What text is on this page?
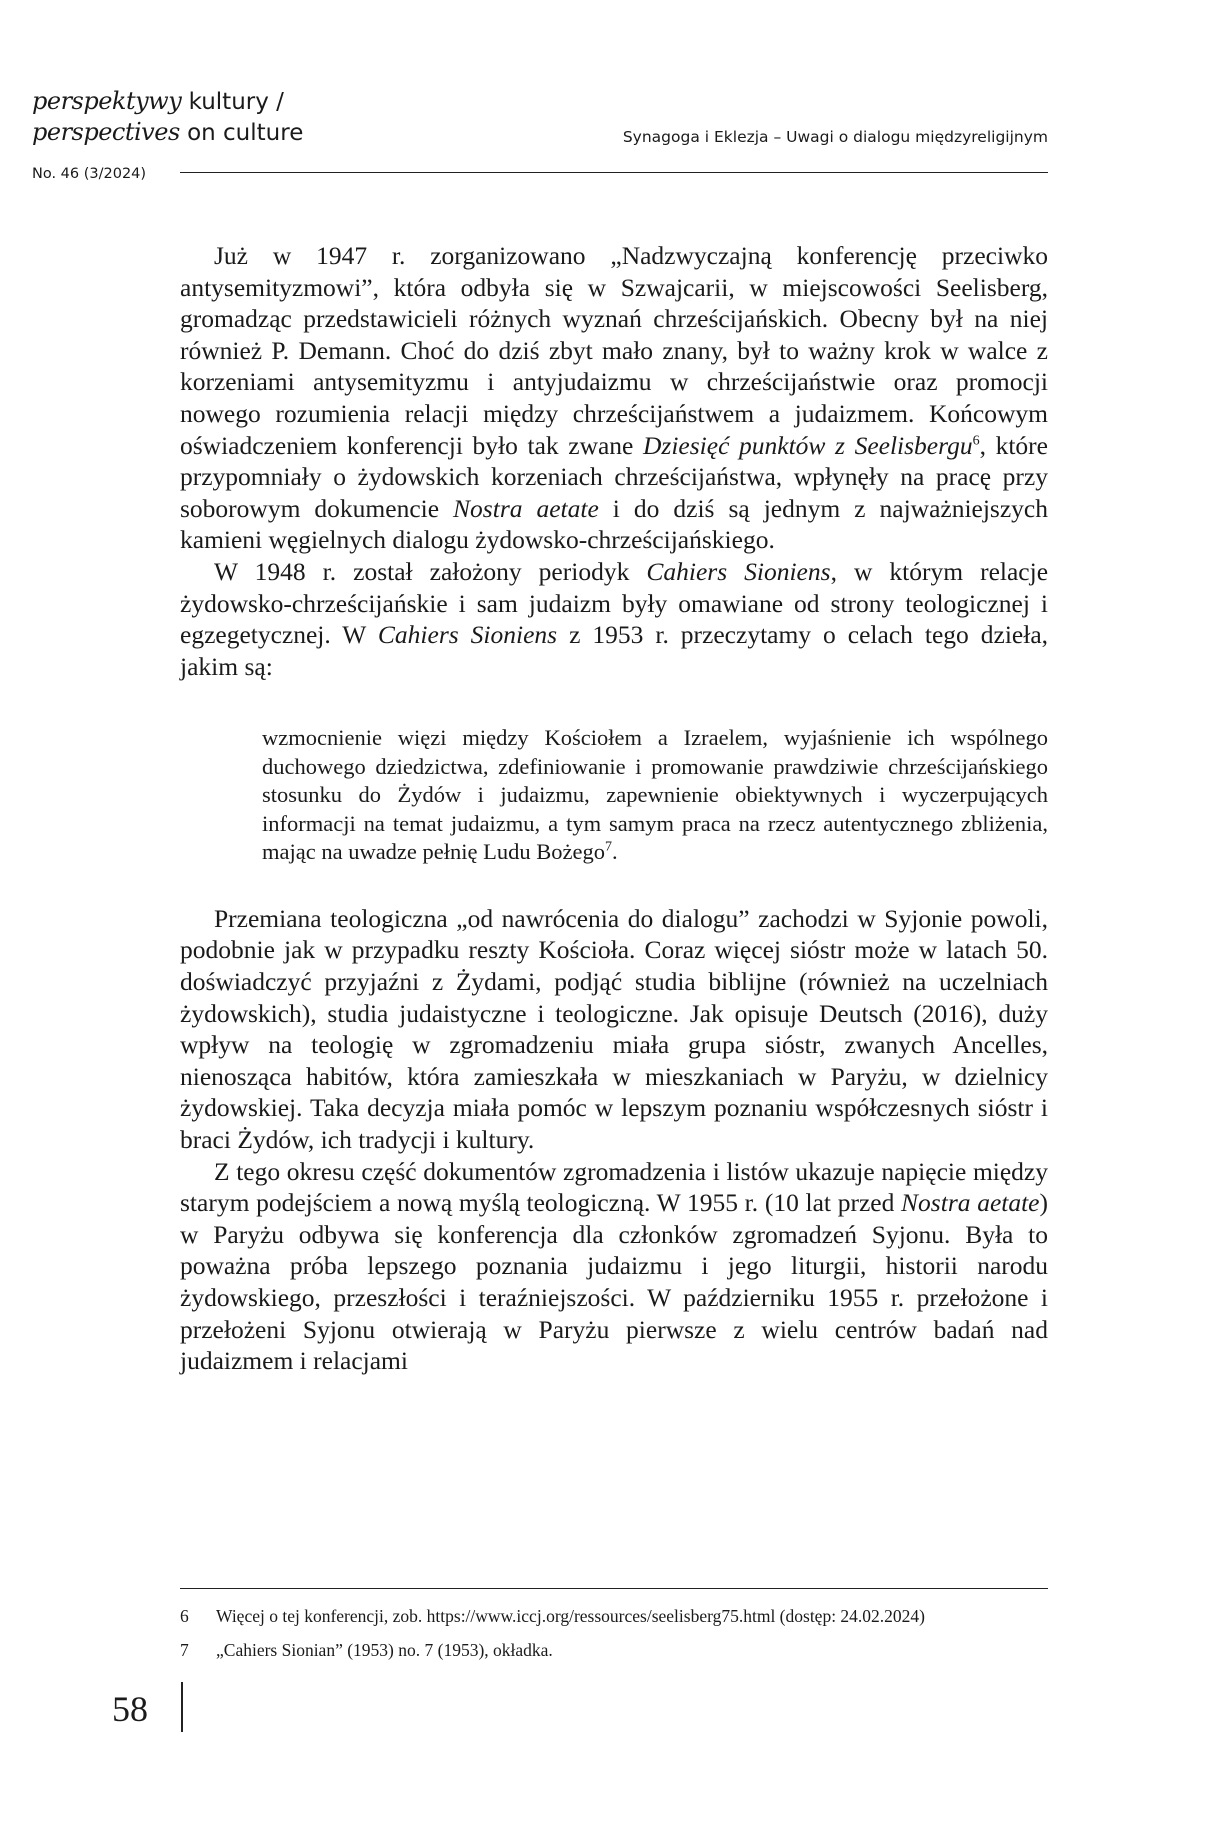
perspektywy kultury /
perspectives on culture
No. 46 (3/2024)
Synagoga i Eklezja – Uwagi o dialogu międzyreligijnym

Już w 1947 r. zorganizowano „Nadzwyczajną konferencję przeciwko antysemityzmowi”, która odbyła się w Szwajcarii, w miejscowości Seelisberg, gromadząc przedstawicieli różnych wyznań chrześcijańskich. Obecny był na niej również P. Demann. Choć do dziś zbyt mało znany, był to ważny krok w walce z korzeniami antysemityzmu i antyjudaizmu w chrześcijaństwie oraz promocji nowego rozumienia relacji między chrześcijaństwem a judaizmem. Końcowym oświadczeniem konferencji było tak zwane Dziesięć punktów z Seelisbergu$^6$, które przypomniały o żydowskich korzeniach chrześcijaństwa, wpłynęły na pracę przy soborowym dokumencie Nostra aetate i do dziś są jednym z najważniejszych kamieni węgielnych dialogu żydowsko-chrześcijańskiego.

W 1948 r. został założony periodyk Cahiers Sioniens, w którym relacje żydowsko-chrześcijańskie i sam judaizm były omawiane od strony teologicznej i egzegetycznej. W Cahiers Sioniens z 1953 r. przeczytamy o celach tego dzieła, jakim są:

wzmocnienie więzi między Kościołem a Izraelem, wyjaśnienie ich wspólnego duchowego dziedzictwa, zdefiniowanie i promowanie prawdziwie chrześcijańskiego stosunku do Żydów i judaizmu, zapewnienie obiektywnych i wyczerpujących informacji na temat judaizmu, a tym samym praca na rzecz autentycznego zbliżenia, mając na uwadze pełnię Ludu Bożego$^7$.

Przemiana teologiczna „od nawrócenia do dialogu” zachodzi w Syjonie powoli, podobnie jak w przypadku reszty Kościoła. Coraz więcej sióstr może w latach 50. doświadczyć przyjaźni z Żydami, podjąć studia biblijne (również na uczelniach żydowskich), studia judaistyczne i teologiczne. Jak opisuje Deutsch (2016), duży wpływ na teologię w zgromadzeniu miała grupa sióstr, zwanych Ancelles, nienosząca habitów, która zamieszkała w mieszkaniach w Paryżu, w dzielnicy żydowskiej. Taka decyzja miała pomóc w lepszym poznaniu współczesnych sióstr i braci Żydów, ich tradycji i kultury.

Z tego okresu część dokumentów zgromadzenia i listów ukazuje napięcie między starym podejściem a nową myślą teologiczną. W 1955 r. (10 lat przed Nostra aetate) w Paryżu odbywa się konferencja dla członków zgromadzeń Syjonu. Była to poważna próba lepszego poznania judaizmu i jego liturgii, historii narodu żydowskiego, przeszłości i teraźniejszości. W październiku 1955 r. przełożone i przełożeni Syjonu otwierają w Paryżu pierwsze z wielu centrów badań nad judaizmem i relacjami

6	Więcej o tej konferencji, zob. https://www.iccj.org/ressources/seelisberg75.html (dostęp: 24.02.2024)
7	„Cahiers Sionian” (1953) no. 7 (1953), okładka.
58
